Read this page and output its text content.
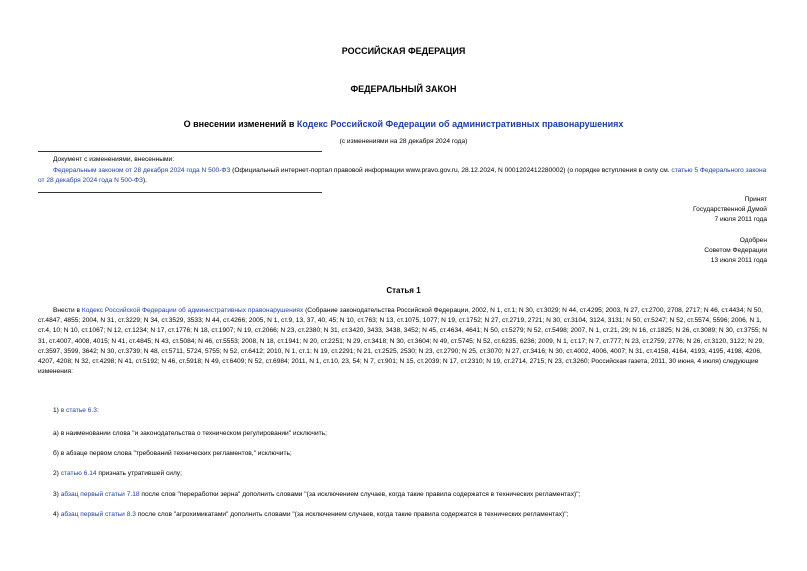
РОССИЙСКАЯ ФЕДЕРАЦИЯ
ФЕДЕРАЛЬНЫЙ ЗАКОН
О внесении изменений в Кодекс Российской Федерации об административных правонарушениях
(с изменениями на 28 декабря 2024 года)
Документ с изменениями, внесенными:
Федеральным законом от 28 декабря 2024 года N 500-ФЗ (Официальный интернет-портал правовой информации www.pravo.gov.ru, 28.12.2024, N 0001202412280002) (о порядке вступления в силу см. статью 5 Федерального закона от 28 декабря 2024 года N 500-ФЗ).
Принят
Государственной Думой
7 июля 2011 года
Одобрен
Советом Федерации
13 июля 2011 года
Статья 1
Внести в Кодекс Российской Федерации об административных правонарушениях (Собрание законодательства Российской Федерации, 2002, N 1, ст.1; N 30, ст.3029; N 44, ст.4295; 2003, N 27, ст.2700, 2708, 2717; N 46, ст.4434; N 50, ст.4847, 4855; 2004, N 31, ст.3229; N 34, ст.3529, 3533; N 44, ст.4266; 2005, N 1, ст.9, 13, 37, 40, 45; N 10, ст.763; N 13, ст.1075, 1077; N 19, ст.1752; N 27, ст.2719, 2721; N 30, ст.3104, 3124, 3131; N 50, ст.5247; N 52, ст.5574, 5596; 2006, N 1, ст.4, 10; N 10, ст.1067; N 12, ст.1234; N 17, ст.1776; N 18, ст.1907; N 19, ст.2066; N 23, ст.2380; N 31, ст.3420, 3433, 3438, 3452; N 45, ст.4634, 4641; N 50, ст.5279; N 52, ст.5498; 2007, N 1, ст.21, 29; N 16, ст.1825; N 26, ст.3089; N 30, ст.3755; N 31, ст.4007, 4008, 4015; N 41, ст.4845; N 43, ст.5084; N 46, ст.5553; 2008, N 18, ст.1941; N 20, ст.2251; N 29, ст.3418; N 30, ст.3604; N 49, ст.5745; N 52, ст.6235, 6236; 2009, N 1, ст.17; N 7, ст.777; N 23, ст.2759, 2776; N 26, ст.3120, 3122; N 29, ст.3597, 3599, 3642; N 30, ст.3739; N 48, ст.5711, 5724, 5755; N 52, ст.6412; 2010, N 1, ст.1; N 19, ст.2291; N 21, ст.2525, 2530; N 23, ст.2790; N 25, ст.3070; N 27, ст.3416; N 30, ст.4002, 4006, 4007; N 31, ст.4158, 4164, 4193, 4195, 4198, 4206, 4207, 4208; N 32, ст.4298; N 41, ст.5192; N 46, ст.5918; N 49, ст.6409; N 52, ст.6984; 2011, N 1, ст.10, 23, 54; N 7, ст.901; N 15, ст.2039; N 17, ст.2310; N 19, ст.2714, 2715; N 23, ст.3260; Российская газета, 2011, 30 июня, 4 июля) следующие изменения:
1) в статье 6.3:
а) в наименовании слова "и законодательства о техническом регулировании" исключить;
б) в абзаце первом слова "требований технических регламентов," исключить;
2) статью 6.14 признать утратившей силу;
3) абзац первый статьи 7.18 после слов "переработки зерна" дополнить словами "(за исключением случаев, когда такие правила содержатся в технических регламентах)";
4) абзац первый статьи 8.3 после слов "агрохимикатами" дополнить словами "(за исключением случаев, когда такие правила содержатся в технических регламентах)";
